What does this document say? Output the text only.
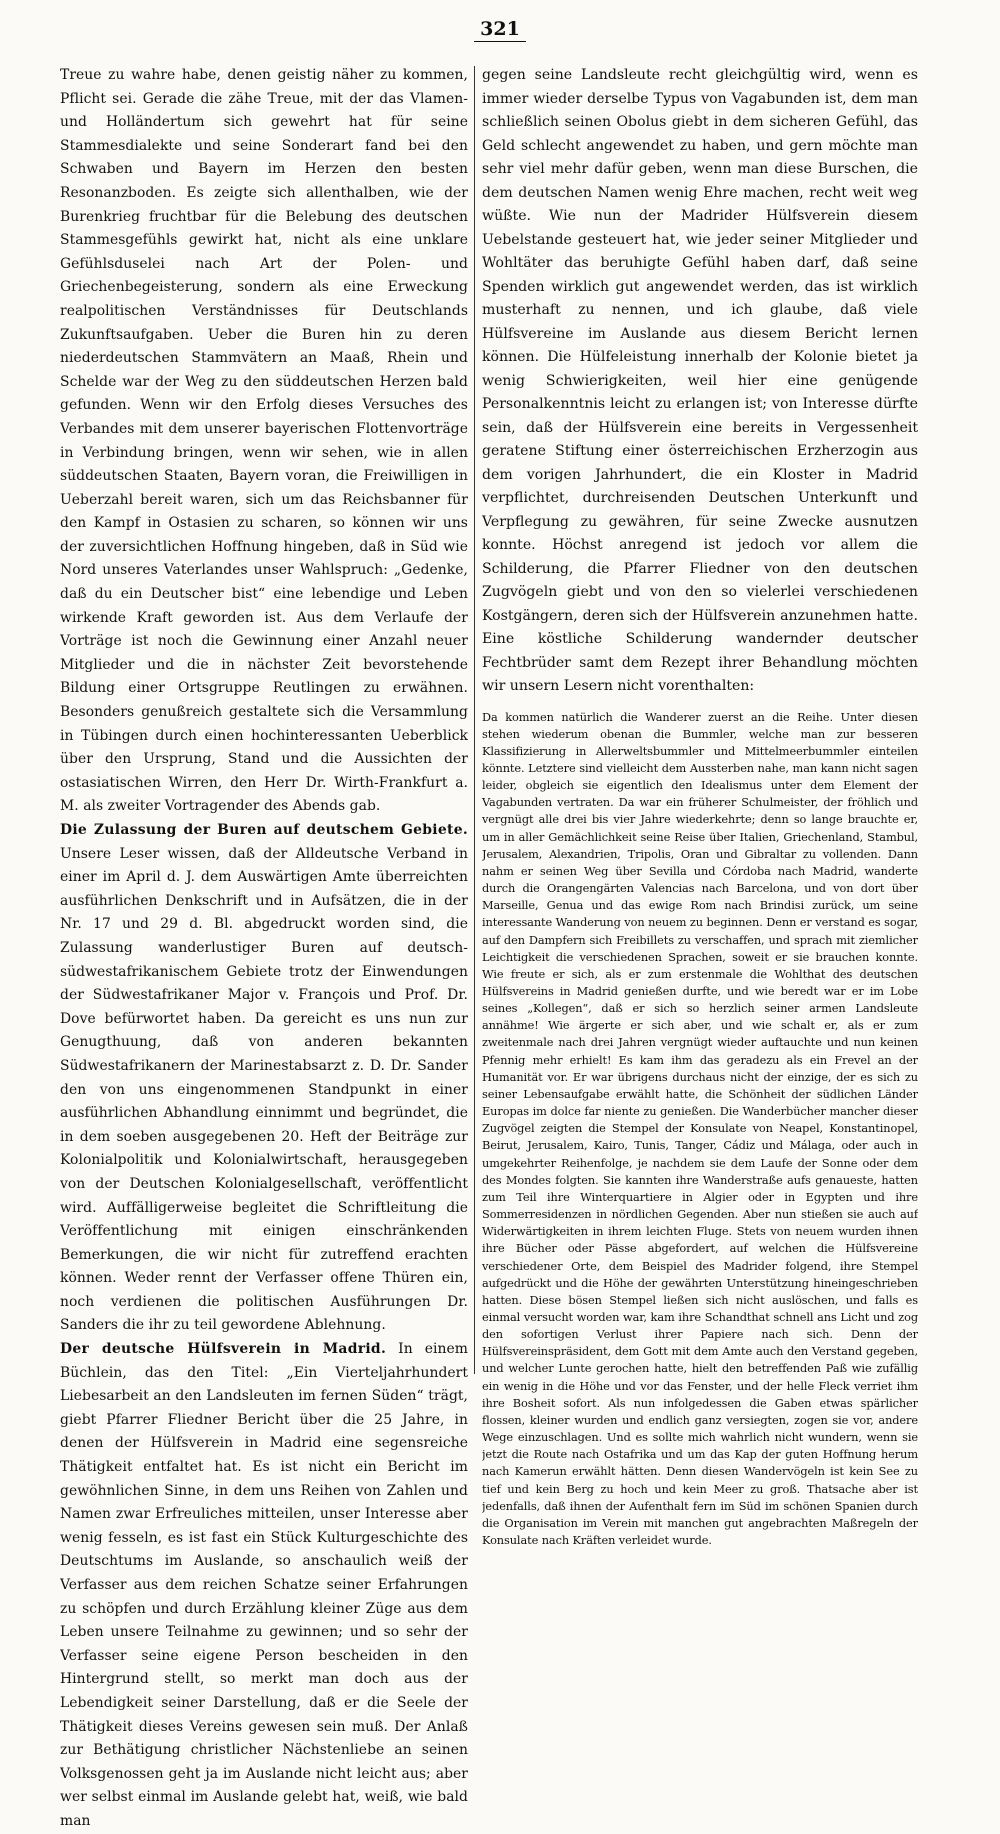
321

Treue zu wahre habe, denen geistig näher zu kommen, Pflicht sei. Gerade die zähe Treue, mit der das Vlamen- und Holländertum sich gewehrt hat für seine Stammesdialekte und seine Sonderart fand bei den Schwaben und Bayern im Herzen den besten Resonanzboden. Es zeigte sich allenthalben, wie der Burenkrieg fruchtbar für die Belebung des deutschen Stammesgefühls gewirkt hat, nicht als eine unklare Gefühlsduselei nach Art der Polen- und Griechenbegeisterung, sondern als eine Erweckung realpolitischen Verständnisses für Deutschlands Zukunftsaufgaben. Ueber die Buren hin zu deren niederdeutschen Stammvätern an Maaß, Rhein und Schelde war der Weg zu den süddeutschen Herzen bald gefunden. Wenn wir den Erfolg dieses Versuches des Verbandes mit dem unserer bayerischen Flottenvorträge in Verbindung bringen, wenn wir sehen, wie in allen süddeutschen Staaten, Bayern voran, die Freiwilligen in Ueberzahl bereit waren, sich um das Reichsbanner für den Kampf in Ostasien zu scharen, so können wir uns der zuversichtlichen Hoffnung hingeben, daß in Süd wie Nord unseres Vaterlandes unser Wahlspruch: „Gedenke, daß du ein Deutscher bist“ eine lebendige und Leben wirkende Kraft geworden ist. Aus dem Verlaufe der Vorträge ist noch die Gewinnung einer Anzahl neuer Mitglieder und die in nächster Zeit bevorstehende Bildung einer Ortsgruppe Reutlingen zu erwähnen. Besonders genußreich gestaltete sich die Versammlung in Tübingen durch einen hochinteressanten Ueberblick über den Ursprung, Stand und die Aussichten der ostasiatischen Wirren, den Herr Dr. Wirth-Frankfurt a. M. als zweiter Vortragender des Abends gab.

Die Zulassung der Buren auf deutschem Gebiete. Unsere Leser wissen, daß der Alldeutsche Verband in einer im April d. J. dem Auswärtigen Amte überreichten ausführlichen Denkschrift und in Aufsätzen, die in der Nr. 17 und 29 d. Bl. abgedruckt worden sind, die Zulassung wanderlustiger Buren auf deutsch-südwestafrikanischem Gebiete trotz der Einwendungen der Südwestafrikaner Major v. François und Prof. Dr. Dove befürwortet haben. Da gereicht es uns nun zur Genugthuung, daß von anderen bekannten Südwestafrikanern der Marinestabsarzt z. D. Dr. Sander den von uns eingenommenen Standpunkt in einer ausführlichen Abhandlung einnimmt und begründet, die in dem soeben ausgegebenen 20. Heft der Beiträge zur Kolonialpolitik und Kolonialwirtschaft, herausgegeben von der Deutschen Kolonialgesellschaft, veröffentlicht wird. Auffälligerweise begleitet die Schriftleitung die Veröffentlichung mit einigen einschränkenden Bemerkungen, die wir nicht für zutreffend erachten können. Weder rennt der Verfasser offene Thüren ein, noch verdienen die politischen Ausführungen Dr. Sanders die ihr zu teil gewordene Ablehnung.

Der deutsche Hülfsverein in Madrid. In einem Büchlein, das den Titel: „Ein Vierteljahrhundert Liebesarbeit an den Landsleuten im fernen Süden“ trägt, giebt Pfarrer Fliedner Bericht über die 25 Jahre, in denen der Hülfsverein in Madrid eine segensreiche Thätigkeit entfaltet hat. Es ist nicht ein Bericht im gewöhnlichen Sinne, in dem uns Reihen von Zahlen und Namen zwar Erfreuliches mitteilen, unser Interesse aber wenig fesseln, es ist fast ein Stück Kulturgeschichte des Deutschtums im Auslande, so anschaulich weiß der Verfasser aus dem reichen Schatze seiner Erfahrungen zu schöpfen und durch Erzählung kleiner Züge aus dem Leben unsere Teilnahme zu gewinnen; und so sehr der Verfasser seine eigene Person bescheiden in den Hintergrund stellt, so merkt man doch aus der Lebendigkeit seiner Darstellung, daß er die Seele der Thätigkeit dieses Vereins gewesen sein muß. Der Anlaß zur Bethätigung christlicher Nächstenliebe an seinen Volksgenossen geht ja im Auslande nicht leicht aus; aber wer selbst einmal im Auslande gelebt hat, weiß, wie bald man

gegen seine Landsleute recht gleichgültig wird, wenn es immer wieder derselbe Typus von Vagabunden ist, dem man schließlich seinen Obolus giebt in dem sicheren Gefühl, das Geld schlecht angewendet zu haben, und gern möchte man sehr viel mehr dafür geben, wenn man diese Burschen, die dem deutschen Namen wenig Ehre machen, recht weit weg wüßte. Wie nun der Madrider Hülfsverein diesem Uebelstande gesteuert hat, wie jeder seiner Mitglieder und Wohltäter das beruhigte Gefühl haben darf, daß seine Spenden wirklich gut angewendet werden, das ist wirklich musterhaft zu nennen, und ich glaube, daß viele Hülfsvereine im Auslande aus diesem Bericht lernen können. Die Hülfeleistung innerhalb der Kolonie bietet ja wenig Schwierigkeiten, weil hier eine genügende Personalkenntnis leicht zu erlangen ist; von Interesse dürfte sein, daß der Hülfsverein eine bereits in Vergessenheit geratene Stiftung einer österreichischen Erzherzogin aus dem vorigen Jahrhundert, die ein Kloster in Madrid verpflichtet, durchreisenden Deutschen Unterkunft und Verpflegung zu gewähren, für seine Zwecke ausnutzen konnte. Höchst anregend ist jedoch vor allem die Schilderung, die Pfarrer Fliedner von den deutschen Zugvögeln giebt und von den so vielerlei verschiedenen Kostgängern, deren sich der Hülfsverein anzunehmen hatte. Eine köstliche Schilderung wandernder deutscher Fechtbrüder samt dem Rezept ihrer Behandlung möchten wir unsern Lesern nicht vorenthalten:

Da kommen natürlich die Wanderer zuerst an die Reihe. Unter diesen stehen wiederum obenan die Bummler, welche man zur besseren Klassifizierung in Allerweltsbummler und Mittelmeerbummler einteilen könnte. Letztere sind vielleicht dem Aussterben nahe, man kann nicht sagen leider, obgleich sie eigentlich den Idealismus unter dem Element der Vagabunden vertraten. Da war ein früherer Schulmeister, der fröhlich und vergnügt alle drei bis vier Jahre wiederkehrte; denn so lange brauchte er, um in aller Gemächlichkeit seine Reise über Italien, Griechenland, Stambul, Jerusalem, Alexandrien, Tripolis, Oran und Gibraltar zu vollenden. Dann nahm er seinen Weg über Sevilla und Córdoba nach Madrid, wanderte durch die Orangengärten Valencias nach Barcelona, und von dort über Marseille, Genua und das ewige Rom nach Brindisi zurück, um seine interessante Wanderung von neuem zu beginnen. Denn er verstand es sogar, auf den Dampfern sich Freibillets zu verschaffen, und sprach mit ziemlicher Leichtigkeit die verschiedenen Sprachen, soweit er sie brauchen konnte. Wie freute er sich, als er zum erstenmale die Wohlthat des deutschen Hülfsvereins in Madrid genießen durfte, und wie beredt war er im Lobe seines „Kollegen“, daß er sich so herzlich seiner armen Landsleute annähme! Wie ärgerte er sich aber, und wie schalt er, als er zum zweitenmale nach drei Jahren vergnügt wieder auftauchte und nun keinen Pfennig mehr erhielt! Es kam ihm das geradezu als ein Frevel an der Humanität vor. Er war übrigens durchaus nicht der einzige, der es sich zu seiner Lebensaufgabe erwählt hatte, die Schönheit der südlichen Länder Europas im dolce far niente zu genießen. Die Wanderbücher mancher dieser Zugvögel zeigten die Stempel der Konsulate von Neapel, Konstantinopel, Beirut, Jerusalem, Kairo, Tunis, Tanger, Cádiz und Málaga, oder auch in umgekehrter Reihenfolge, je nachdem sie dem Laufe der Sonne oder dem des Mondes folgten. Sie kannten ihre Wanderstraße aufs genaueste, hatten zum Teil ihre Winterquartiere in Algier oder in Egypten und ihre Sommerresidenzen in nördlichen Gegenden. Aber nun stießen sie auch auf Widerwärtigkeiten in ihrem leichten Fluge. Stets von neuem wurden ihnen ihre Bücher oder Pässe abgefordert, auf welchen die Hülfsvereine verschiedener Orte, dem Beispiel des Madrider folgend, ihre Stempel aufgedrückt und die Höhe der gewährten Unterstützung hineingeschrieben hatten. Diese bösen Stempel ließen sich nicht auslöschen, und falls es einmal versucht worden war, kam ihre Schandthat schnell ans Licht und zog den sofortigen Verlust ihrer Papiere nach sich. Denn der Hülfsvereinspräsident, dem Gott mit dem Amte auch den Verstand gegeben, und welcher Lunte gerochen hatte, hielt den betreffenden Paß wie zufällig ein wenig in die Höhe und vor das Fenster, und der helle Fleck verriet ihm ihre Bosheit sofort. Als nun infolgedessen die Gaben etwas spärlicher flossen, kleiner wurden und endlich ganz versiegten, zogen sie vor, andere Wege einzuschlagen. Und es sollte mich wahrlich nicht wundern, wenn sie jetzt die Route nach Ostafrika und um das Kap der guten Hoffnung herum nach Kamerun erwählt hätten. Denn diesen Wandervögeln ist kein See zu tief und kein Berg zu hoch und kein Meer zu groß. Thatsache aber ist jedenfalls, daß ihnen der Aufenthalt fern im Süd im schönen Spanien durch die Organisation im Verein mit manchen gut angebrachten Maßregeln der Konsulate nach Kräften verleidet wurde.
